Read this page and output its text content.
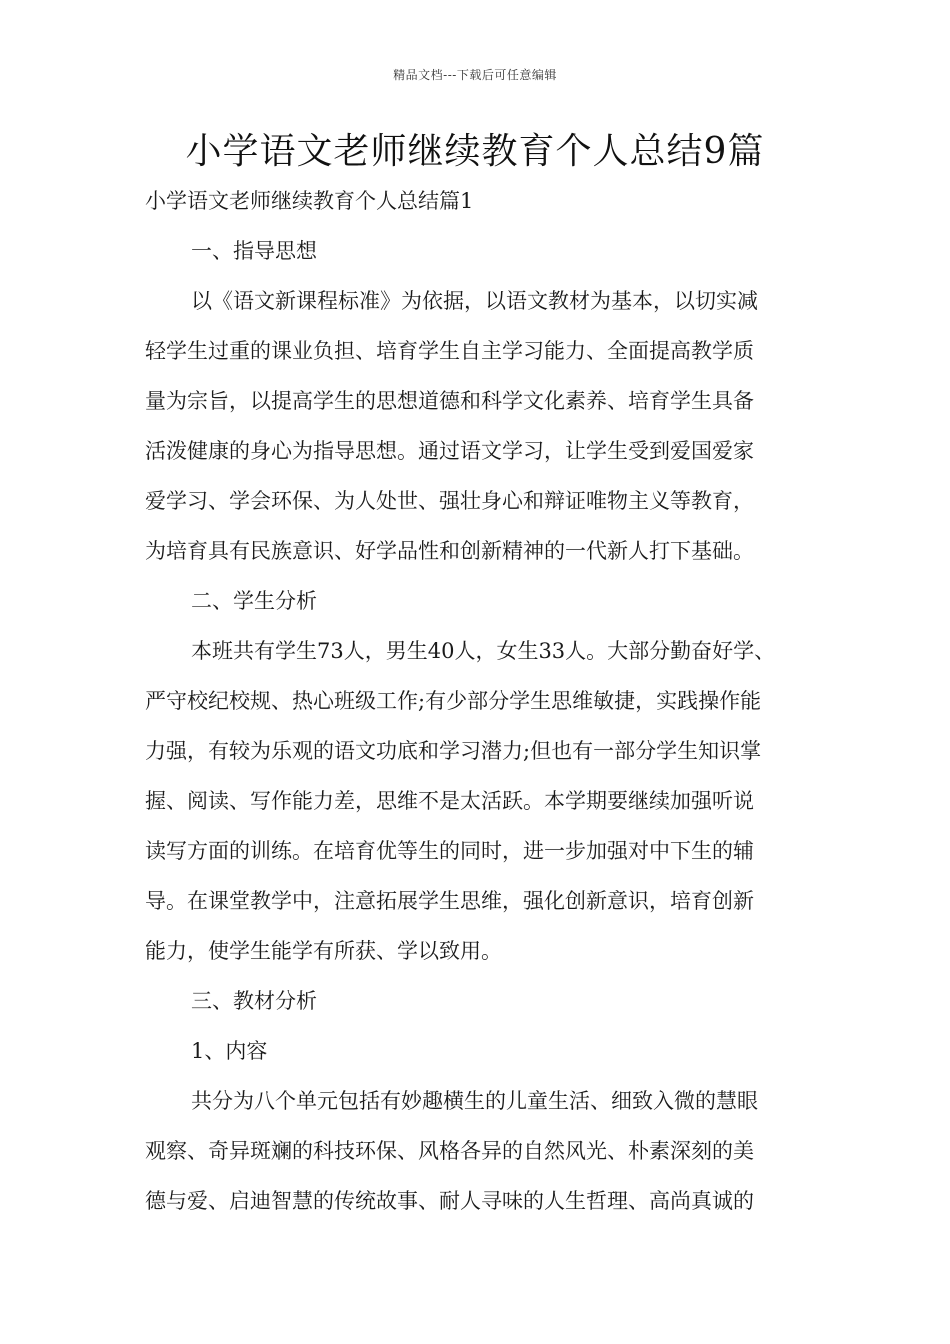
精品文档---下载后可任意编辑
小学语文老师继续教育个人总结9篇
小学语文老师继续教育个人总结篇1

一、指导思想

以《语文新课程标准》为依据，以语文教材为基本，以切实减

轻学生过重的课业负担、培育学生自主学习能力、全面提高教学质

量为宗旨，以提高学生的思想道德和科学文化素养、培育学生具备

活泼健康的身心为指导思想。通过语文学习，让学生受到爱国爱家

爱学习、学会环保、为人处世、强壮身心和辩证唯物主义等教育，

为培育具有民族意识、好学品性和创新精神的一代新人打下基础。

二、学生分析

本班共有学生73人，男生40人，女生33人。大部分勤奋好学、

严守校纪校规、热心班级工作;有少部分学生思维敏捷，实践操作能

力强，有较为乐观的语文功底和学习潜力;但也有一部分学生知识掌

握、阅读、写作能力差，思维不是太活跃。本学期要继续加强听说

读写方面的训练。在培育优等生的同时，进一步加强对中下生的辅

导。在课堂教学中，注意拓展学生思维，强化创新意识，培育创新

能力，使学生能学有所获、学以致用。

三、教材分析

1、内容

共分为八个单元包括有妙趣横生的儿童生活、细致入微的慧眼

观察、奇异斑斓的科技环保、风格各异的自然风光、朴素深刻的美

德与爱、启迪智慧的传统故事、耐人寻味的人生哲理、高尚真诚的
